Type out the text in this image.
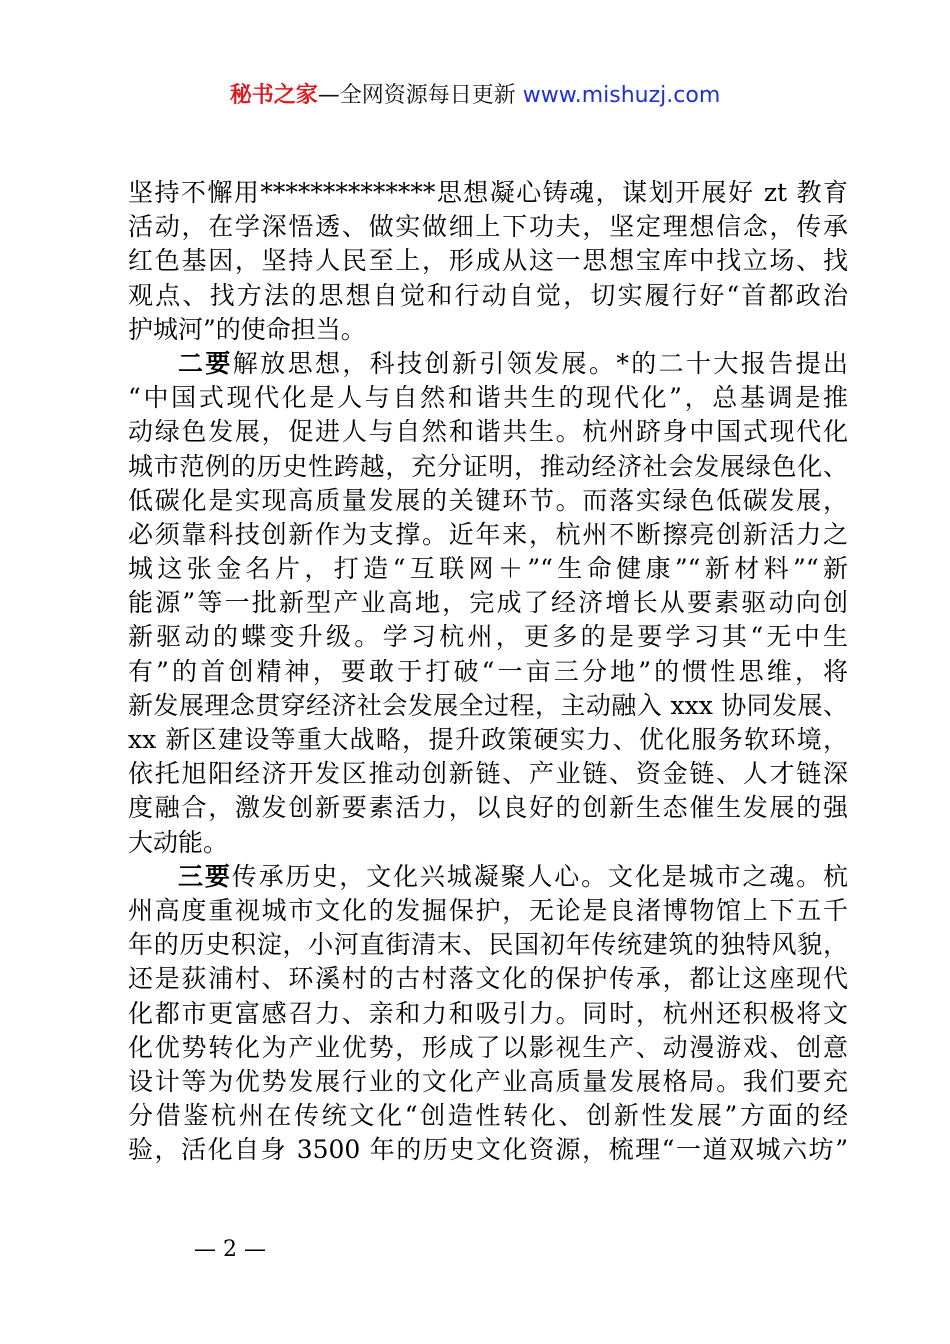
秘书之家—全网资源每日更新 www.mishuzj.com
坚持不懈用**************思想凝心铸魂，谋划开展好 zt 教育
活动，在学深悟透、做实做细上下功夫，坚定理想信念，传承
红色基因，坚持人民至上，形成从这一思想宝库中找立场、找
观点、找方法的思想自觉和行动自觉，切实履行好“首都政治
护城河”的使命担当。
二要解放思想，科技创新引领发展。*的二十大报告提出
“中国式现代化是人与自然和谐共生的现代化”，总基调是推
动绿色发展，促进人与自然和谐共生。杭州跻身中国式现代化
城市范例的历史性跨越，充分证明，推动经济社会发展绿色化、
低碳化是实现高质量发展的关键环节。而落实绿色低碳发展，
必须靠科技创新作为支撑。近年来，杭州不断擦亮创新活力之
城这张金名片，打造“互联网＋”“生命健康”“新材料”“新
能源”等一批新型产业高地，完成了经济增长从要素驱动向创
新驱动的蝶变升级。学习杭州，更多的是要学习其“无中生
有”的首创精神，要敢于打破“一亩三分地”的惯性思维，将
新发展理念贯穿经济社会发展全过程，主动融入 xxx 协同发展、
xx 新区建设等重大战略，提升政策硬实力、优化服务软环境，
依托旭阳经济开发区推动创新链、产业链、资金链、人才链深
度融合，激发创新要素活力，以良好的创新生态催生发展的强
大动能。
三要传承历史，文化兴城凝聚人心。文化是城市之魂。杭
州高度重视城市文化的发掘保护，无论是良渚博物馆上下五千
年的历史积淀，小河直街清末、民国初年传统建筑的独特风貌，
还是荻浦村、环溪村的古村落文化的保护传承，都让这座现代
化都市更富感召力、亲和力和吸引力。同时，杭州还积极将文
化优势转化为产业优势，形成了以影视生产、动漫游戏、创意
设计等为优势发展行业的文化产业高质量发展格局。我们要充
分借鉴杭州在传统文化“创造性转化、创新性发展”方面的经
验，活化自身 3500 年的历史文化资源，梳理“一道双城六坊”
— 2 —
